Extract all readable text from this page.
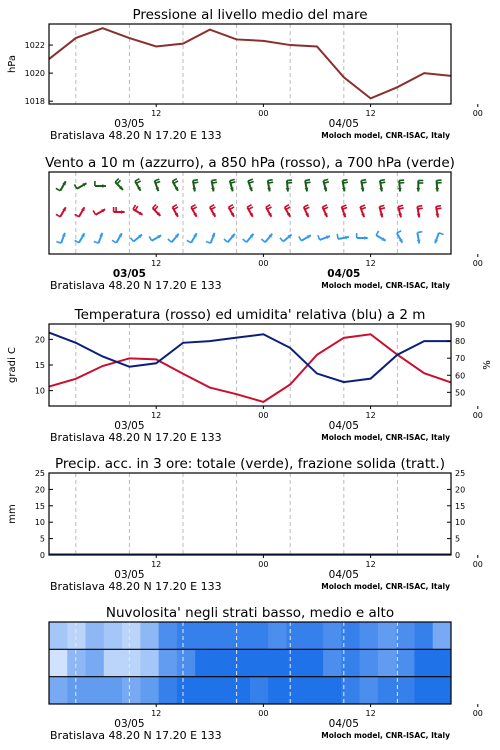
Pressione al livello medio del mare
1018
1020
1022
hPa
12	00	12	00
03/05	04/05
Bratislava 48.20 N 17.20 E 133	Moloch model, CNR-ISAC, Italy
Vento a 10 m (azzurro), a 850 hPa (rosso), a 700 hPa (verde)
12	00	12	00
03/05	04/05
Bratislava 48.20 N 17.20 E 133	Moloch model, CNR-ISAC, Italy
Temperatura (rosso) ed umidita' relativa (blu) a 2 m
10
15
20
50
60
70
80
90
gradi C	%
12	00	12	00
03/05	04/05
Bratislava 48.20 N 17.20 E 133	Moloch model, CNR-ISAC, Italy
Precip. acc. in 3 ore: totale (verde), frazione solida (tratt.)
0
5
10
15
20
25
0
5
10
15
20
25
mm
12	00	12	00
03/05	04/05
Bratislava 48.20 N 17.20 E 133	Moloch model, CNR-ISAC, Italy
Nuvolosita' negli strati basso, medio e alto
12	00	12	00
03/05	04/05
Bratislava 48.20 N 17.20 E 133	Moloch model, CNR-ISAC, Italy
